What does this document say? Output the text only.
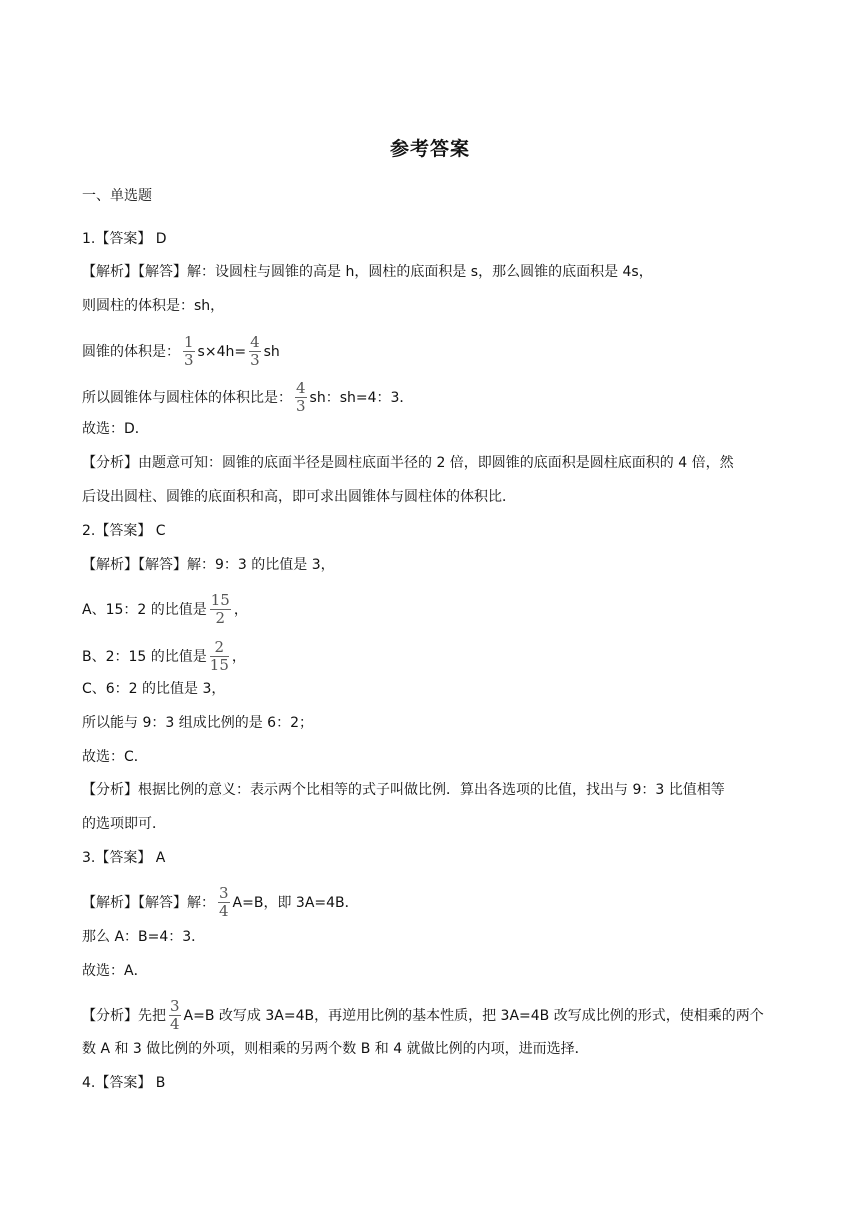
参考答案
一、单选题
1.【答案】 D
【解析】【解答】解：设圆柱与圆锥的高是 h，圆柱的底面积是 s，那么圆锥的底面积是 4s，
则圆柱的体积是：sh，
圆锥的体积是： $\frac{1}{3} s\times 4h= \frac{4}{3}$ sh
所以圆锥体与圆柱体的体积比是： $\frac{4}{3}$ sh：sh=4：3．
故选：D．
【分析】由题意可知：圆锥的底面半径是圆柱底面半径的 2 倍，即圆锥的底面积是圆柱底面积的 4 倍，然
后设出圆柱、圆锥的底面积和高，即可求出圆锥体与圆柱体的体积比．
2.【答案】 C
【解析】【解答】解：9：3 的比值是 3，
A、15：2 的比值是 $\frac{15}{2}$ ，
B、2：15 的比值是 $\frac{2}{15}$ ，
C、6：2 的比值是 3，
所以能与 9：3 组成比例的是 6：2；
故选：C．
【分析】根据比例的意义：表示两个比相等的式子叫做比例．算出各选项的比值，找出与 9：3 比值相等
的选项即可．
3.【答案】 A
【解析】【解答】解： $\frac{3}{4} A=B$，即 3A=4B．
那么 A：B=4：3．
故选：A．
【分析】先把 $\frac{3}{4} A=B$ 改写成 3A=4B，再逆用比例的基本性质，把 3A=4B 改写成比例的形式，使相乘的两个
数 A 和 3 做比例的外项，则相乘的另两个数 B 和 4 就做比例的内项，进而选择．
4.【答案】 B
